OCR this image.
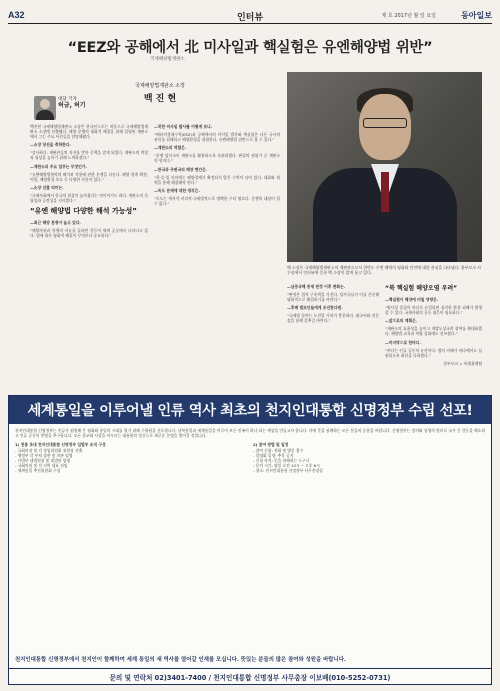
A32	인터뷰	제 호 2017년 월 일 요일	동아일보
“EEZ와 공해에서 北 미사일과 핵실험은 유엔해양법 위반”
국제해양법재판소
국제해양법재판소 소장
백 진 현
대담 기자
허금, 허기
백 소장은 국제해양법재판소의 재판관으로서 한반도 주변 해역의 평화와 안전에 대한 관심을 나타냈다. 함부르크 사무실에서 인터뷰에 응한 백 소장이 밝게 웃고 있다.

백진현 국제해양법재판소 소장은 한국인으로는 처음으로 국제해양법재판소 소장에 선출됐다. 해양 분쟁의 평화적 해결을 위해 설립된 재판소에서 그는 주요 사건들을 담당해왔다.

—소장 당선을 축하한다.

“감사하다. 재판관들의 지지를 받아 중책을 맡게 되었다. 재판소의 역할과 위상을 높이기 위해 노력하겠다.”

—재판소의 주요 업무는 무엇인가.

“유엔해양법협약의 해석과 적용에 관한 분쟁을 다룬다. 해양 경계 획정, 어업, 해양환경 보호 등 다양한 사건이 있다.”

—소장 선출 의미는.

“국제사회에서 한국의 위상이 높아졌다는 의미이기도 하다. 재판소의 독립성과 공정성을 지키겠다.”

“유엔 해양법 다양한 해석 가능성”

—최근 해양 분쟁이 늘고 있다.

“해양자원과 항행의 자유를 둘러싼 갈등이 세계 곳곳에서 나타나고 있다. 법에 따른 평화적 해결이 무엇보다 중요하다.”

—북한 미사일 발사를 어떻게 보나.

“배타적경제수역(EEZ)과 공해에서의 미사일 발사와 핵실험은 다른 국가의 권리를 침해하고 해양환경을 위협한다. 유엔해양법 위반으로 볼 수 있다.”

—재판소의 역할은.

“분쟁 당사국이 재판소를 활용하도록 독려하겠다. 판결의 권위가 곧 재판소의 힘이다.”

—한국과 주변국의 해양 현안은.

“한·중·일 사이에는 해양경계가 확정되지 않은 수역이 남아 있다. 대화와 협력을 통해 해결해야 한다.”

—독도 문제에 대한 생각은.

“독도는 역사적·지리적·국제법적으로 명백한 우리 영토다. 분쟁의 대상이 될 수 없다.”

—남중국해 중재 판정 이후 변화는.

“판정은 법적 구속력을 가진다. 당사국들이 이를 존중해 평화적으로 해결하기를 바란다.”

—후배 법조인들에게 조언한다면.

“국제법 분야는 도전할 가치가 충분하다. 외국어와 전문성을 함께 갖추길 바란다.”

“북 핵실험 해양오염 우려”

—핵실험이 해양에 미칠 영향은.

“방사성 물질이 바다로 유입되면 심각한 환경 피해가 발생할 수 있다. 국제사회의 공동 대응이 필요하다.”

—앞으로의 계획은.

“재판소의 효율성을 높이고 개발도상국의 참여를 확대하겠다. 해양법 교육과 역량 강화에도 힘쓰겠다.”

—마지막으로 한마디.

“바다는 인류 공동의 유산이다. 법의 지배가 바다에서도 실현되도록 최선을 다하겠다.”

함부르크 = 특별취재팀
세계통일을 이루어낼 인류 역사 최초의 천지인대통합 신명정부 수립 선포!
천지인대통합 신명정부는 인류가 염원해 온 평화와 통일의 시대를 열기 위해 수립됨을 선포합니다. 남북통일과 세계통일을 이루어 모든 민족이 하나 되는 세상을 만들고자 합니다. 이에 뜻을 함께하는 모든 분들의 동참을 바랍니다. 신명정부는 정의와 상생의 원리로 국가 간 갈등을 해소하고 인류 공동의 번영을 추구합니다. 모든 종교와 사상을 아우르는 대통합의 정신으로 새로운 문명을 열어갈 것입니다.
1) 천통 초대 천지인대통합 신명정부 입법부 조직 구성
- 국회의장 및 각 상임위원회 위원장 선출
- 행정부 각 부처 장관 및 차관 임명
- 사법부 대법원장 및 대법관 임명
- 국회의원 및 각 지역 대표 선임
- 세계통일 추진위원회 구성
2) 참여 방법 및 일정
- 참여 신청: 전화 및 방문 접수
- 설명회 일정: 추후 공지
- 신청 자격: 뜻을 함께하는 누구나
- 문의 시간: 평일 오전 10시 ~ 오후 6시
- 장소: 천지인대통합 신명정부 사무총장실
천지인대통합 신명정부에서 천지인이 함께하여 세계 통일의 새 역사를 열어갈 인재를 모십니다. 뜻있는 분들의 많은 참여와 성원을 바랍니다.
문의 및 연락처 02)3401-7400 / 천지인대통합 신명정부 사무총장 이보배(010-5252-0731)
